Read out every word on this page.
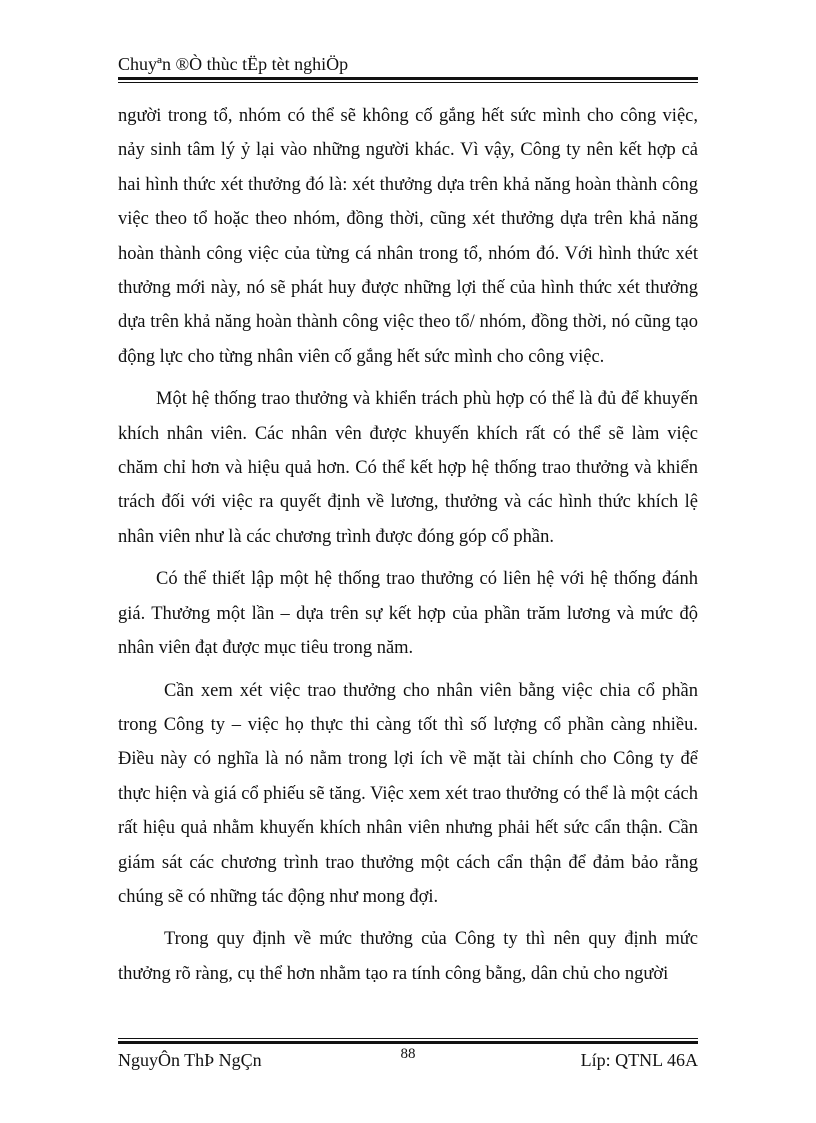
Chuyªn ®Ò thùc tËp tèt nghiÖp

người trong tổ, nhóm có thể sẽ không cố gắng hết sức mình cho công việc, nảy sinh tâm lý ỷ lại vào những người khác. Vì vậy, Công ty nên kết hợp cả hai hình thức xét thưởng đó là: xét thưởng dựa trên khả năng hoàn thành công việc theo tổ hoặc theo nhóm, đồng thời, cũng xét thưởng dựa trên khả năng hoàn thành công việc của từng cá nhân trong tổ, nhóm đó. Với hình thức xét thưởng mới này, nó sẽ phát huy được những lợi thế của hình thức xét thưởng dựa trên khả năng hoàn thành công việc theo tổ/ nhóm, đồng thời, nó cũng tạo động lực cho từng nhân viên cố gắng hết sức mình cho công việc.

Một hệ thống trao thưởng và khiển trách phù hợp có thể là đủ để khuyến khích nhân viên. Các nhân vên được khuyến khích rất có thể sẽ làm việc chăm chỉ hơn và hiệu quả hơn. Có thể kết hợp hệ thống trao thưởng và khiển trách đối với việc ra quyết định về lương, thưởng và các hình thức khích lệ nhân viên như là các chương trình được đóng góp cổ phần.

Có thể thiết lập một hệ thống trao thưởng có liên hệ với hệ thống đánh giá. Thưởng một lần – dựa trên sự kết hợp của phần trăm lương và mức độ nhân viên đạt được mục tiêu trong năm.

Cần xem xét việc trao thưởng cho nhân viên bằng việc chia cổ phần trong Công ty – việc họ thực thi càng tốt thì số lượng cổ phần càng nhiều. Điều này có nghĩa là nó nằm trong lợi ích về mặt tài chính cho Công ty để thực hiện và giá cổ phiếu sẽ tăng. Việc xem xét trao thưởng có thể là một cách rất hiệu quả nhằm khuyến khích nhân viên nhưng phải hết sức cẩn thận. Cần giám sát các chương trình trao thưởng một cách cẩn thận để đảm bảo rằng chúng sẽ có những tác động như mong đợi.

Trong quy định về mức thưởng của Công ty thì nên quy định mức thưởng rõ ràng, cụ thể hơn nhằm tạo ra tính công bằng, dân chủ cho người

NguyÔn ThÞ NgÇn	88	Líp: QTNL 46A
